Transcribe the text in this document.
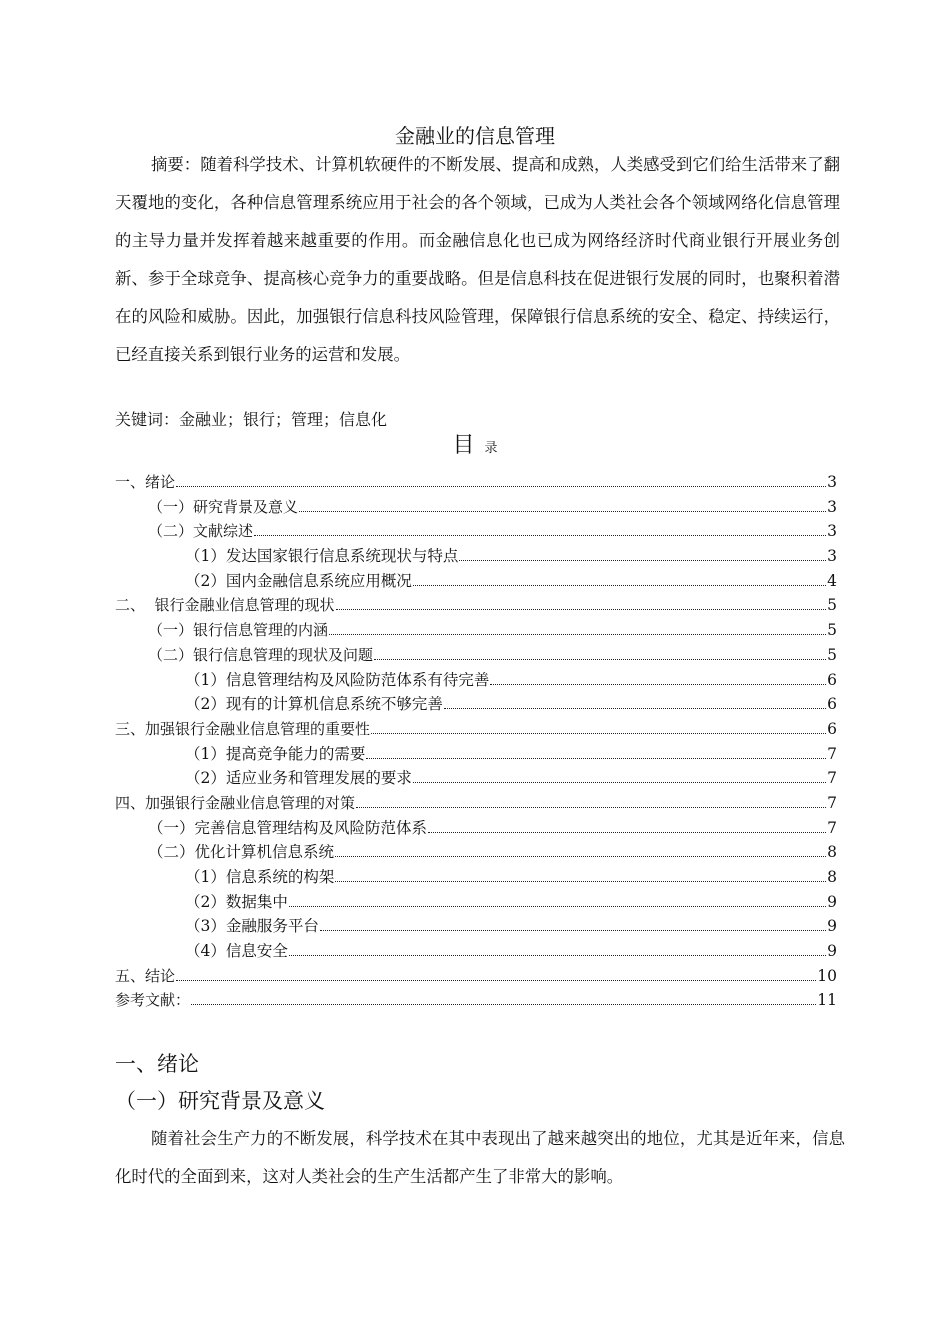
金融业的信息管理

摘要：随着科学技术、计算机软硬件的不断发展、提高和成熟，人类感受到它们给生活带来了翻天覆地的变化，各种信息管理系统应用于社会的各个领域，已成为人类社会各个领域网络化信息管理的主导力量并发挥着越来越重要的作用。而金融信息化也已成为网络经济时代商业银行开展业务创新、参于全球竞争、提高核心竞争力的重要战略。但是信息科技在促进银行发展的同时，也聚积着潜在的风险和威胁。因此，加强银行信息科技风险管理，保障银行信息系统的安全、稳定、持续运行，已经直接关系到银行业务的运营和发展。

关键词：金融业；银行；管理；信息化
目录
一、绪论	3
（一）研究背景及意义	3
（二）文献综述	3
（1）发达国家银行信息系统现状与特点	3
（2）国内金融信息系统应用概况	4
二、  银行金融业信息管理的现状	5
（一）银行信息管理的内涵	5
（二）银行信息管理的现状及问题	5
（1）信息管理结构及风险防范体系有待完善	6
（2）现有的计算机信息系统不够完善	6
三、加强银行金融业信息管理的重要性	6
（1）提高竞争能力的需要	7
（2）适应业务和管理发展的要求	7
四、加强银行金融业信息管理的对策	7
（一）完善信息管理结构及风险防范体系	7
（二）优化计算机信息系统	8
（1）信息系统的构架	8
（2）数据集中	9
（3）金融服务平台	9
（4）信息安全	9
五、结论	10
参考文献：	11
一、绪论
（一）研究背景及意义

随着社会生产力的不断发展，科学技术在其中表现出了越来越突出的地位，尤其是近年来，信息化时代的全面到来，这对人类社会的生产生活都产生了非常大的影响。
